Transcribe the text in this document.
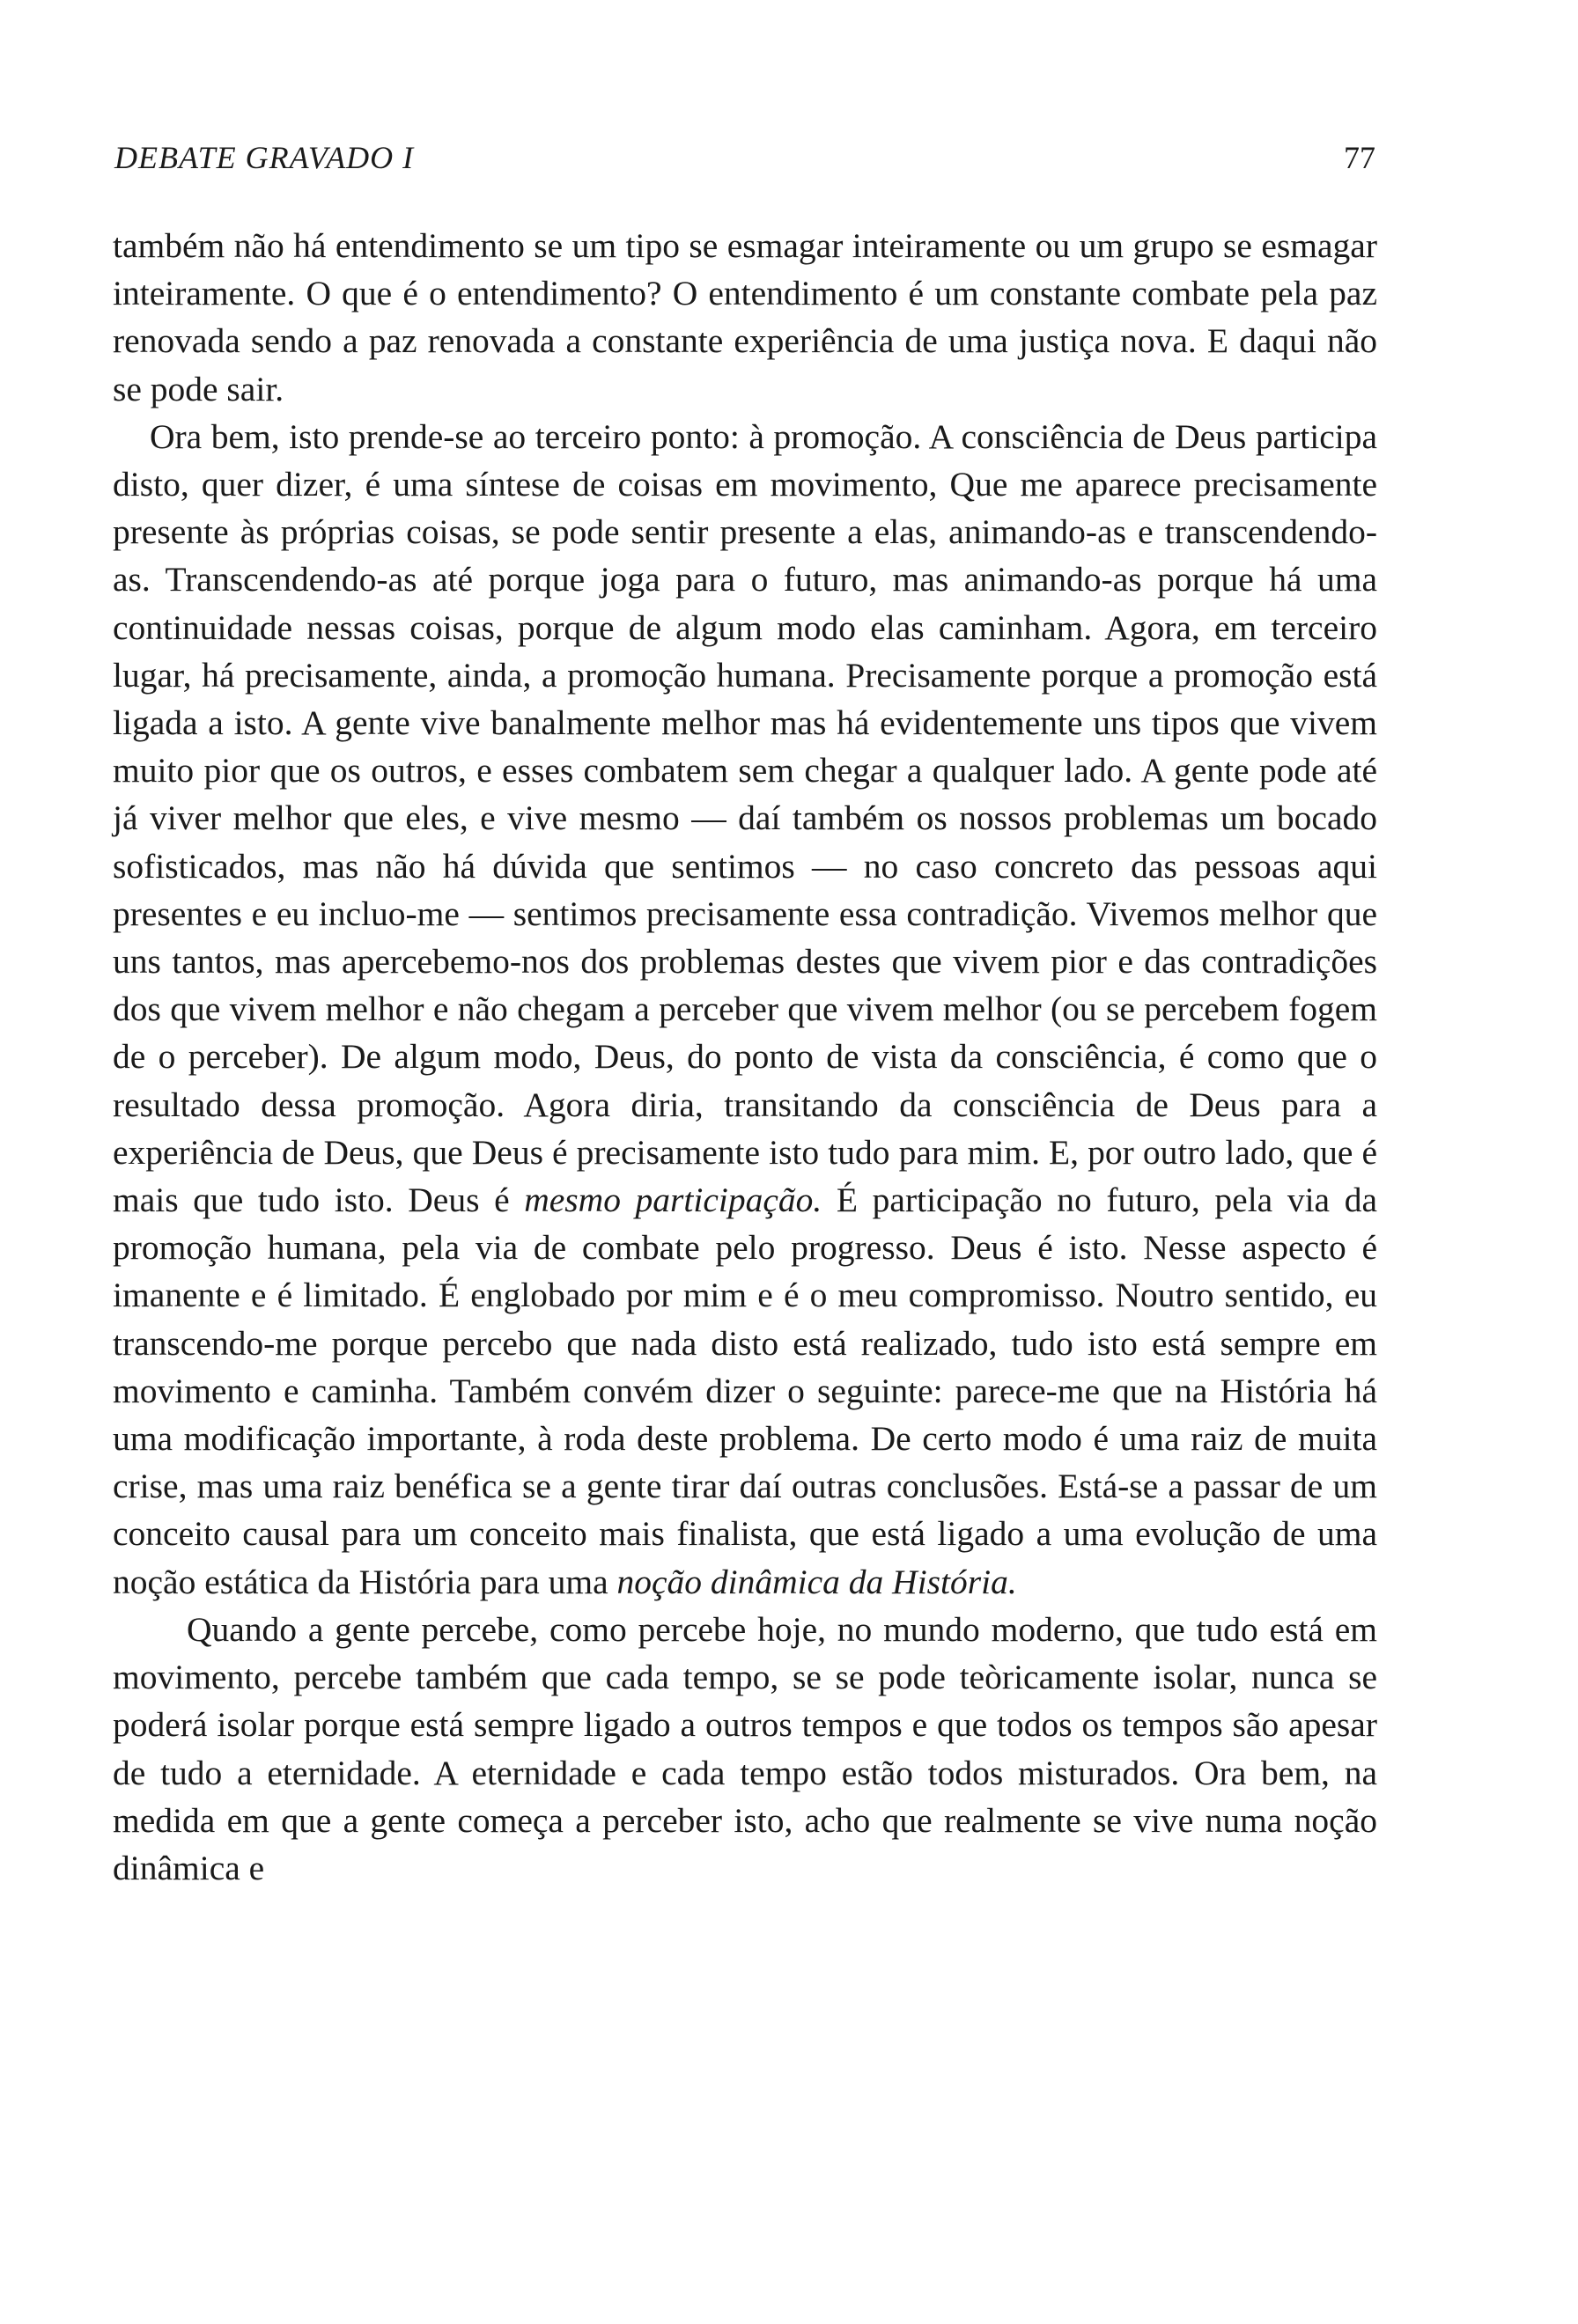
DEBATE GRAVADO I	77

também não há entendimento se um tipo se esmagar inteiramente ou um grupo se esmagar inteiramente. O que é o entendimento? O entendimento é um constante combate pela paz renovada sendo a paz renovada a constante experiência de uma justiça nova. E daqui não se pode sair.

Ora bem, isto prende-se ao terceiro ponto: à promoção. A consciência de Deus participa disto, quer dizer, é uma síntese de coisas em movimento, Que me aparece precisamente presente às próprias coisas, se pode sentir presente a elas, animando-as e transcendendo-as. Transcendendo-as até porque joga para o futuro, mas animando-as porque há uma continuidade nessas coisas, porque de algum modo elas caminham. Agora, em terceiro lugar, há precisamente, ainda, a promoção humana. Precisamente porque a promoção está ligada a isto. A gente vive banalmente melhor mas há evidentemente uns tipos que vivem muito pior que os outros, e esses combatem sem chegar a qualquer lado. A gente pode até já viver melhor que eles, e vive mesmo — daí também os nossos problemas um bocado sofisticados, mas não há dúvida que sentimos — no caso concreto das pessoas aqui presentes e eu incluo-me — sentimos precisamente essa contradição. Vivemos melhor que uns tantos, mas apercebemo-nos dos problemas destes que vivem pior e das contradições dos que vivem melhor e não chegam a perceber que vivem melhor (ou se percebem fogem de o perceber). De algum modo, Deus, do ponto de vista da consciência, é como que o resultado dessa promoção. Agora diria, transitando da consciência de Deus para a experiência de Deus, que Deus é precisamente isto tudo para mim. E, por outro lado, que é mais que tudo isto. Deus é mesmo participação. É participação no futuro, pela via da promoção humana, pela via de combate pelo progresso. Deus é isto. Nesse aspecto é imanente e é limitado. É englobado por mim e é o meu compromisso. Noutro sentido, eu transcendo-me porque percebo que nada disto está realizado, tudo isto está sempre em movimento e caminha. Também convém dizer o seguinte: parece-me que na História há uma modificação importante, à roda deste problema. De certo modo é uma raiz de muita crise, mas uma raiz benéfica se a gente tirar daí outras conclusões. Está-se a passar de um conceito causal para um conceito mais finalista, que está ligado a uma evolução de uma noção estática da História para uma noção dinâmica da História.

Quando a gente percebe, como percebe hoje, no mundo moderno, que tudo está em movimento, percebe também que cada tempo, se se pode teòricamente isolar, nunca se poderá isolar porque está sempre ligado a outros tempos e que todos os tempos são apesar de tudo a eternidade. A eternidade e cada tempo estão todos misturados. Ora bem, na medida em que a gente começa a perceber isto, acho que realmente se vive numa noção dinâmica e
